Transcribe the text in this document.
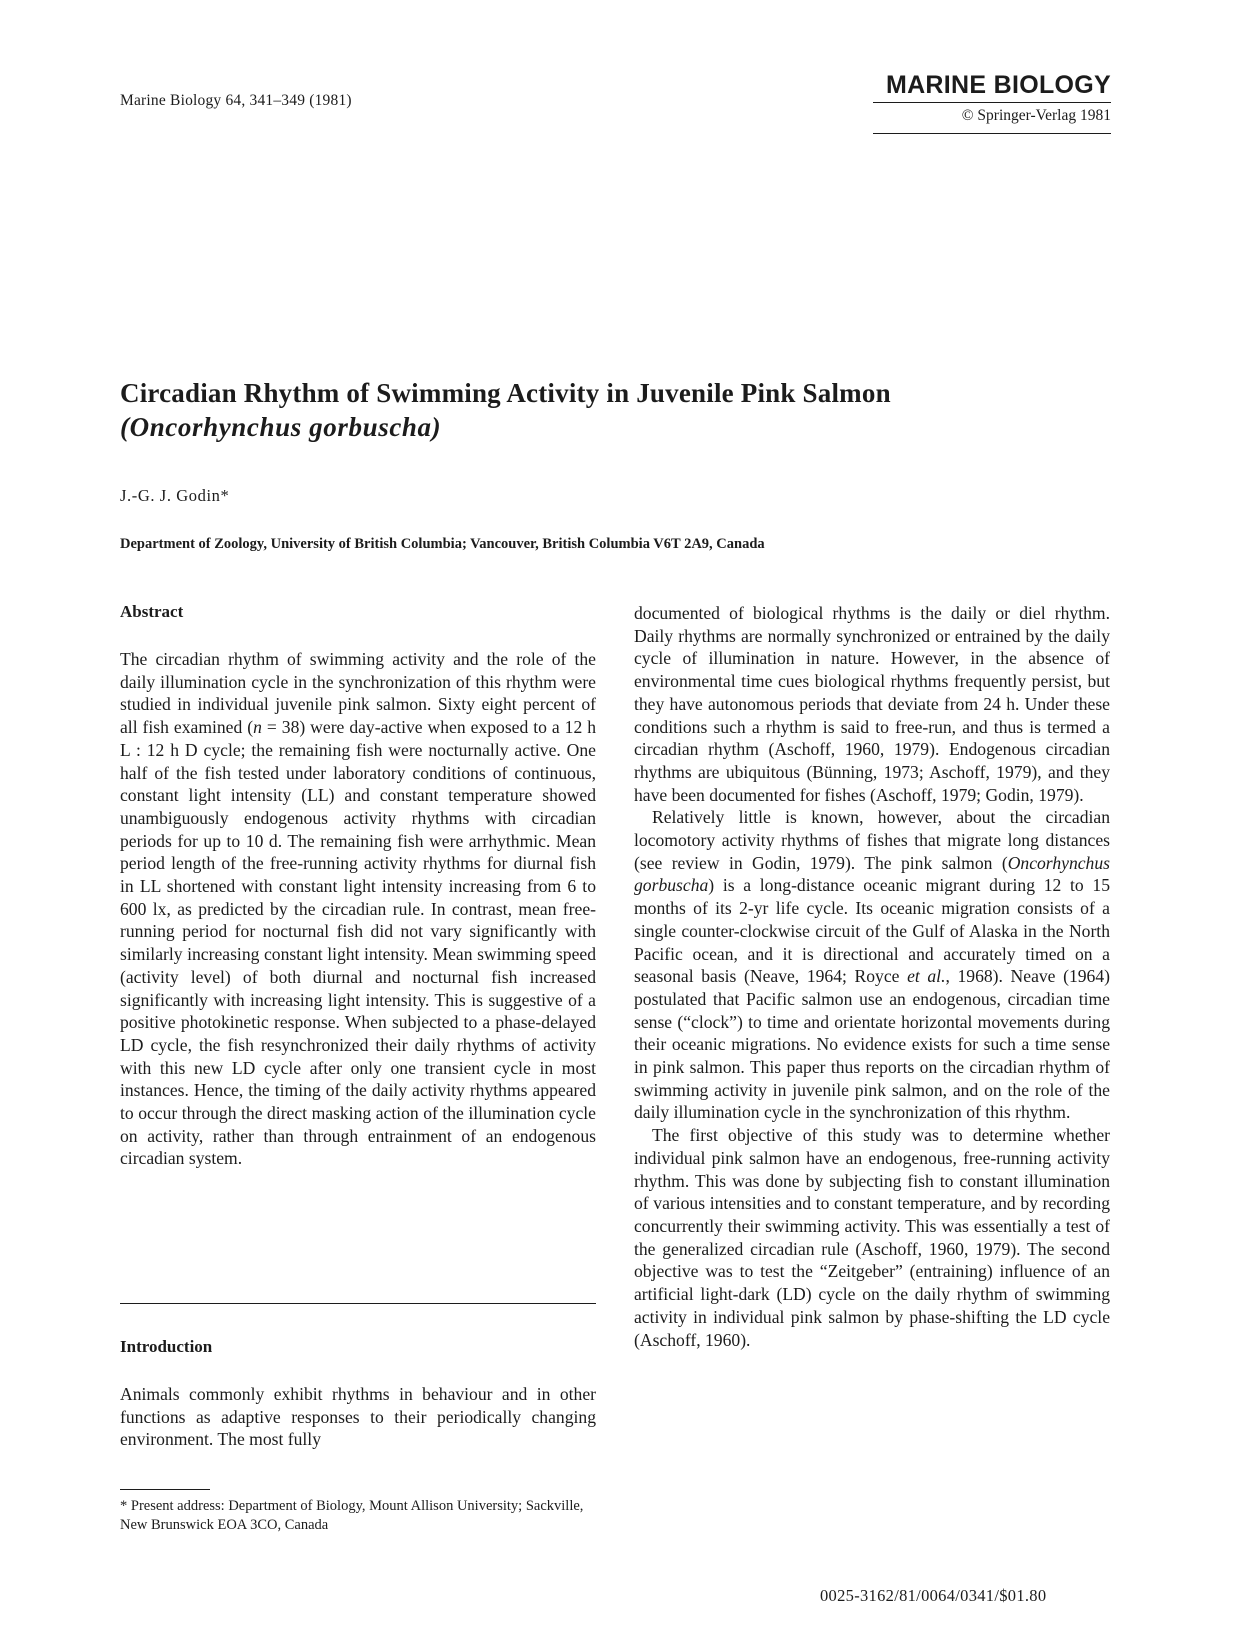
Marine Biology 64, 341–349 (1981)
MARINE BIOLOGY
© Springer-Verlag 1981
Circadian Rhythm of Swimming Activity in Juvenile Pink Salmon
(Oncorhynchus gorbuscha)
J.-G. J. Godin*
Department of Zoology, University of British Columbia; Vancouver, British Columbia V6T 2A9, Canada
Abstract

The circadian rhythm of swimming activity and the role of the daily illumination cycle in the synchronization of this rhythm were studied in individual juvenile pink salmon. Sixty eight percent of all fish examined (n = 38) were day-active when exposed to a 12 h L : 12 h D cycle; the remaining fish were nocturnally active. One half of the fish tested under laboratory conditions of continuous, constant light intensity (LL) and constant temperature showed unambiguously endogenous activity rhythms with circadian periods for up to 10 d. The remaining fish were arrhythmic. Mean period length of the free-running activity rhythms for diurnal fish in LL shortened with constant light intensity increasing from 6 to 600 lx, as predicted by the circadian rule. In contrast, mean free-running period for nocturnal fish did not vary significantly with similarly increasing constant light intensity. Mean swimming speed (activity level) of both diurnal and nocturnal fish increased significantly with increasing light intensity. This is suggestive of a positive photokinetic response. When subjected to a phase-delayed LD cycle, the fish resynchronized their daily rhythms of activity with this new LD cycle after only one transient cycle in most instances. Hence, the timing of the daily activity rhythms appeared to occur through the direct masking action of the illumination cycle on activity, rather than through entrainment of an endogenous circadian system.

Introduction

Animals commonly exhibit rhythms in behaviour and in other functions as adaptive responses to their periodically changing environment. The most fully

* Present address: Department of Biology, Mount Allison University; Sackville, New Brunswick EOA 3CO, Canada

documented of biological rhythms is the daily or diel rhythm. Daily rhythms are normally synchronized or entrained by the daily cycle of illumination in nature. However, in the absence of environmental time cues biological rhythms frequently persist, but they have autonomous periods that deviate from 24 h. Under these conditions such a rhythm is said to free-run, and thus is termed a circadian rhythm (Aschoff, 1960, 1979). Endogenous circadian rhythms are ubiquitous (Bünning, 1973; Aschoff, 1979), and they have been documented for fishes (Aschoff, 1979; Godin, 1979).

Relatively little is known, however, about the circadian locomotory activity rhythms of fishes that migrate long distances (see review in Godin, 1979). The pink salmon (Oncorhynchus gorbuscha) is a long-distance oceanic migrant during 12 to 15 months of its 2-yr life cycle. Its oceanic migration consists of a single counter-clockwise circuit of the Gulf of Alaska in the North Pacific ocean, and it is directional and accurately timed on a seasonal basis (Neave, 1964; Royce et al., 1968). Neave (1964) postulated that Pacific salmon use an endogenous, circadian time sense (“clock”) to time and orientate horizontal movements during their oceanic migrations. No evidence exists for such a time sense in pink salmon. This paper thus reports on the circadian rhythm of swimming activity in juvenile pink salmon, and on the role of the daily illumination cycle in the synchronization of this rhythm.

The first objective of this study was to determine whether individual pink salmon have an endogenous, free-running activity rhythm. This was done by subjecting fish to constant illumination of various intensities and to constant temperature, and by recording concurrently their swimming activity. This was essentially a test of the generalized circadian rule (Aschoff, 1960, 1979). The second objective was to test the “Zeitgeber” (entraining) influence of an artificial light-dark (LD) cycle on the daily rhythm of swimming activity in individual pink salmon by phase-shifting the LD cycle (Aschoff, 1960).

0025-3162/81/0064/0341/$01.80
